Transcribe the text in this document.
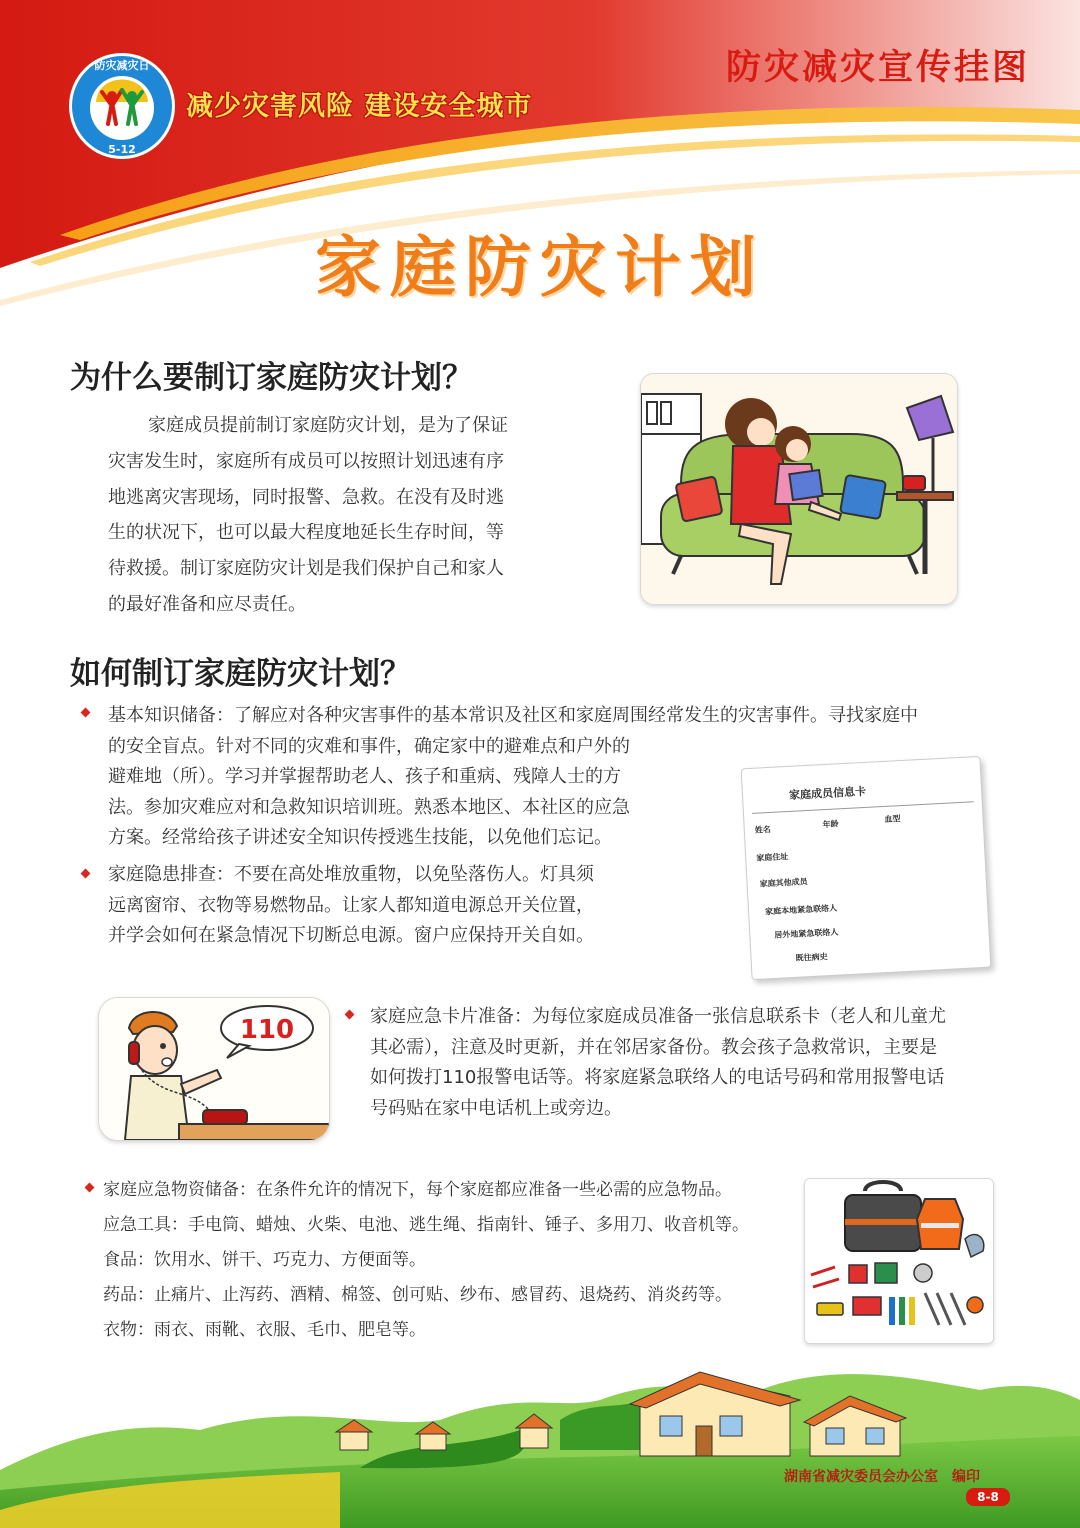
防灾减灾日
5-12
减少灾害风险 建设安全城市
防灾减灾宣传挂图
家庭防灾计划
为什么要制订家庭防灾计划？
家庭成员提前制订家庭防灾计划，是为了保证
灾害发生时，家庭所有成员可以按照计划迅速有序
地逃离灾害现场，同时报警、急救。在没有及时逃
生的状况下，也可以最大程度地延长生存时间，等
待救援。制订家庭防灾计划是我们保护自己和家人
的最好准备和应尽责任。
如何制订家庭防灾计划？
基本知识储备：了解应对各种灾害事件的基本常识及社区和家庭周围经常发生的灾害事件。寻找家庭中
的安全盲点。针对不同的灾难和事件，确定家中的避难点和户外的
避难地（所）。学习并掌握帮助老人、孩子和重病、残障人士的方
法。参加灾难应对和急救知识培训班。熟悉本地区、本社区的应急
方案。经常给孩子讲述安全知识传授逃生技能，以免他们忘记。
家庭隐患排查：不要在高处堆放重物，以免坠落伤人。灯具须
远离窗帘、衣物等易燃物品。让家人都知道电源总开关位置，
并学会如何在紧急情况下切断总电源。窗户应保持开关自如。
家庭成员信息卡
姓名
年龄
血型
家庭住址
家庭其他成员
家庭本地紧急联络人
居外地紧急联络人
既往病史
110	家庭应急卡片准备：为每位家庭成员准备一张信息联系卡（老人和儿童尤
其必需），注意及时更新，并在邻居家备份。教会孩子急救常识，主要是
如何拨打110报警电话等。将家庭紧急联络人的电话号码和常用报警电话
号码贴在家中电话机上或旁边。
家庭应急物资储备：在条件允许的情况下，每个家庭都应准备一些必需的应急物品。
应急工具：手电筒、蜡烛、火柴、电池、逃生绳、指南针、锤子、多用刀、收音机等。
食品：饮用水、饼干、巧克力、方便面等。
药品：止痛片、止泻药、酒精、棉签、创可贴、纱布、感冒药、退烧药、消炎药等。
衣物：雨衣、雨靴、衣服、毛巾、肥皂等。
湖南省减灾委员会办公室　编印
8-8
